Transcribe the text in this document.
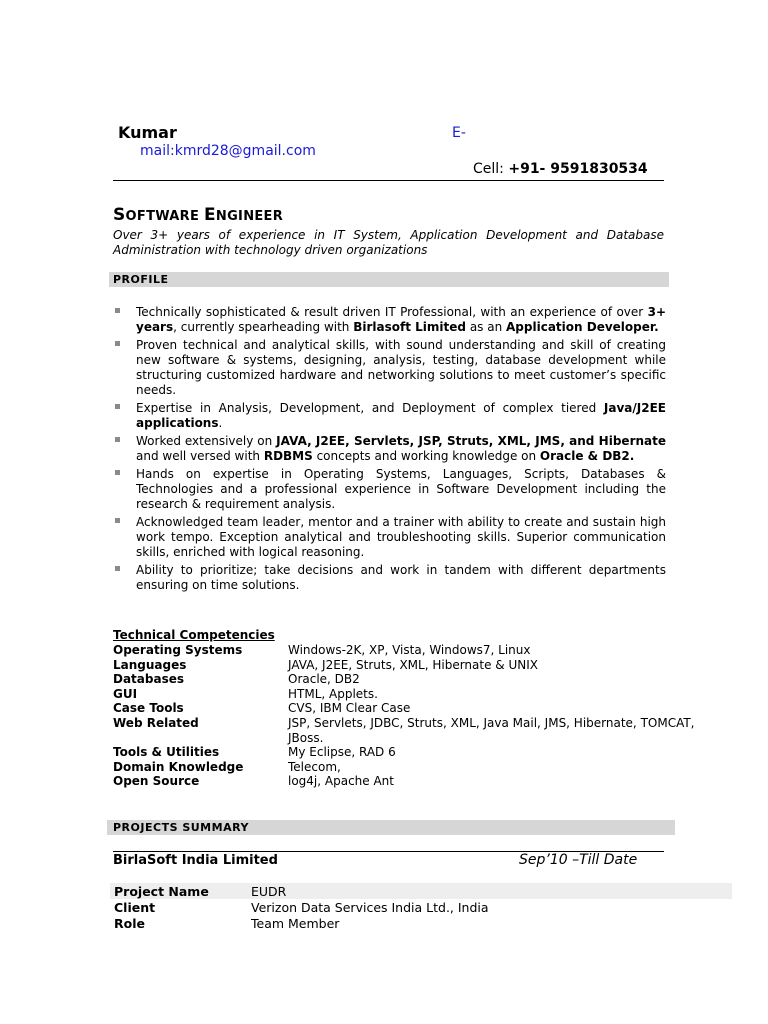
Kumar	E-
mail:kmrd28@gmail.com
Cell: +91- 9591830534
SOFTWARE ENGINEER
Over 3+ years of experience in IT System, Application Development and Database Administration with technology driven organizations
PROFILE
Technically sophisticated & result driven IT Professional, with an experience of over 3+ years, currently spearheading with Birlasoft Limited as an Application Developer.
Proven technical and analytical skills, with sound understanding and skill of creating new software & systems, designing, analysis, testing, database development while structuring customized hardware and networking solutions to meet customer’s specific needs.
Expertise in Analysis, Development, and Deployment of complex tiered Java/J2EE applications.
Worked extensively on JAVA, J2EE, Servlets, JSP, Struts, XML, JMS, and Hibernate and well versed with RDBMS concepts and working knowledge on Oracle & DB2.
Hands on expertise in Operating Systems, Languages, Scripts, Databases & Technologies and a professional experience in Software Development including the research & requirement analysis.
Acknowledged team leader, mentor and a trainer with ability to create and sustain high work tempo. Exception analytical and troubleshooting skills. Superior communication skills, enriched with logical reasoning.
Ability to prioritize; take decisions and work in tandem with different departments ensuring on time solutions.
Technical Competencies
Operating Systems	Windows-2K, XP, Vista, Windows7, Linux
Languages	JAVA, J2EE, Struts, XML, Hibernate & UNIX
Databases	Oracle, DB2
GUI	HTML, Applets.
Case Tools	CVS, IBM Clear Case
Web Related	JSP, Servlets, JDBC, Struts, XML, Java Mail, JMS, Hibernate, TOMCAT, JBoss.
Tools & Utilities	My Eclipse, RAD 6
Domain Knowledge	Telecom,
Open Source	log4j, Apache Ant
PROJECTS SUMMARY
BirlaSoft India Limited	Sep’10 –Till Date
Project Name	EUDR
Client	Verizon Data Services India Ltd., India
Role	Team Member
